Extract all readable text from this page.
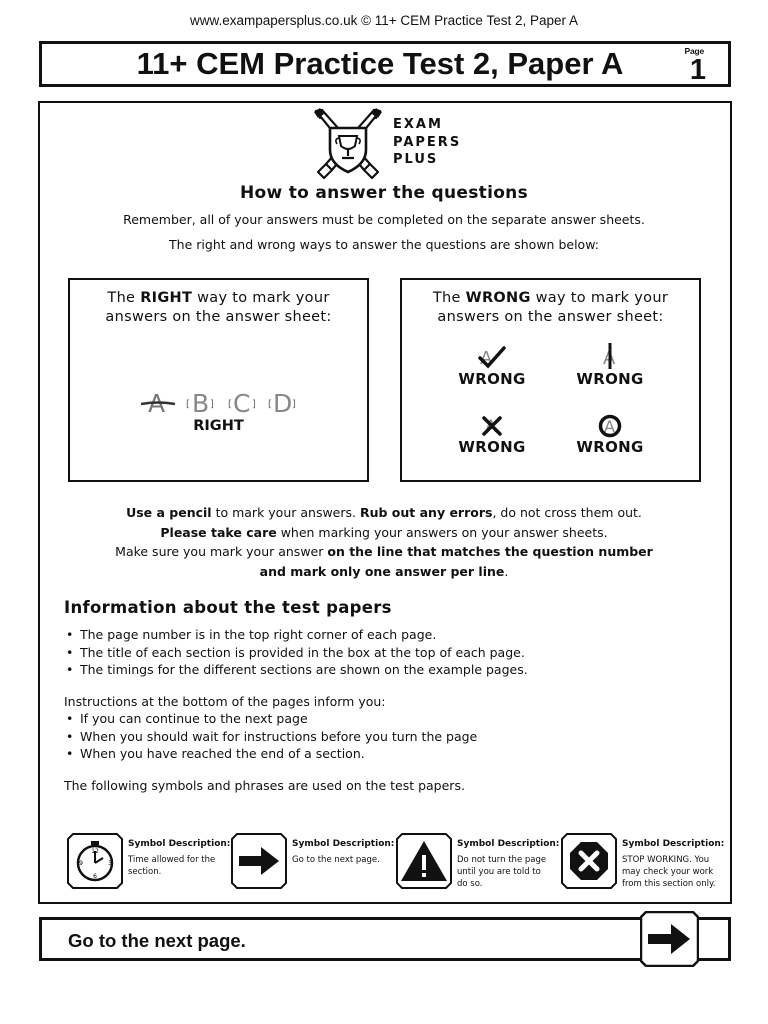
www.exampapersplus.co.uk © 11+ CEM Practice Test 2, Paper A
11+ CEM Practice Test 2, Paper A	Page
1
EXAM
PAPERS
PLUS
How to answer the questions
Remember, all of your answers must be completed on the separate answer sheets.
The right and wrong ways to answer the questions are shown below:
The RIGHT way to mark your
answers on the answer sheet:
A [ B ] [ C ] [ D ]
RIGHT
The WRONG way to mark your
answers on the answer sheet:
A
WRONG
A
WRONG
A
WRONG
A
WRONG
Use a pencil to mark your answers. Rub out any errors, do not cross them out.
Please take care when marking your answers on your answer sheets.
Make sure you mark your answer on the line that matches the question number
and mark only one answer per line.
Information about the test papers
• The page number is in the top right corner of each page.
• The title of each section is provided in the box at the top of each page.
• The timings for the different sections are shown on the example pages.
Instructions at the bottom of the pages inform you:
• If you can continue to the next page
• When you should wait for instructions before you turn the page
• When you have reached the end of a section.
The following symbols and phrases are used on the test papers.
12
3
6
9
Symbol Description:
Time allowed for the
section.
Symbol Description:
Go to the next page.
Symbol Description:
Do not turn the page
until you are told to
do so.
Symbol Description:
STOP WORKING. You
may check your work
from this section only.
Go to the next page.
